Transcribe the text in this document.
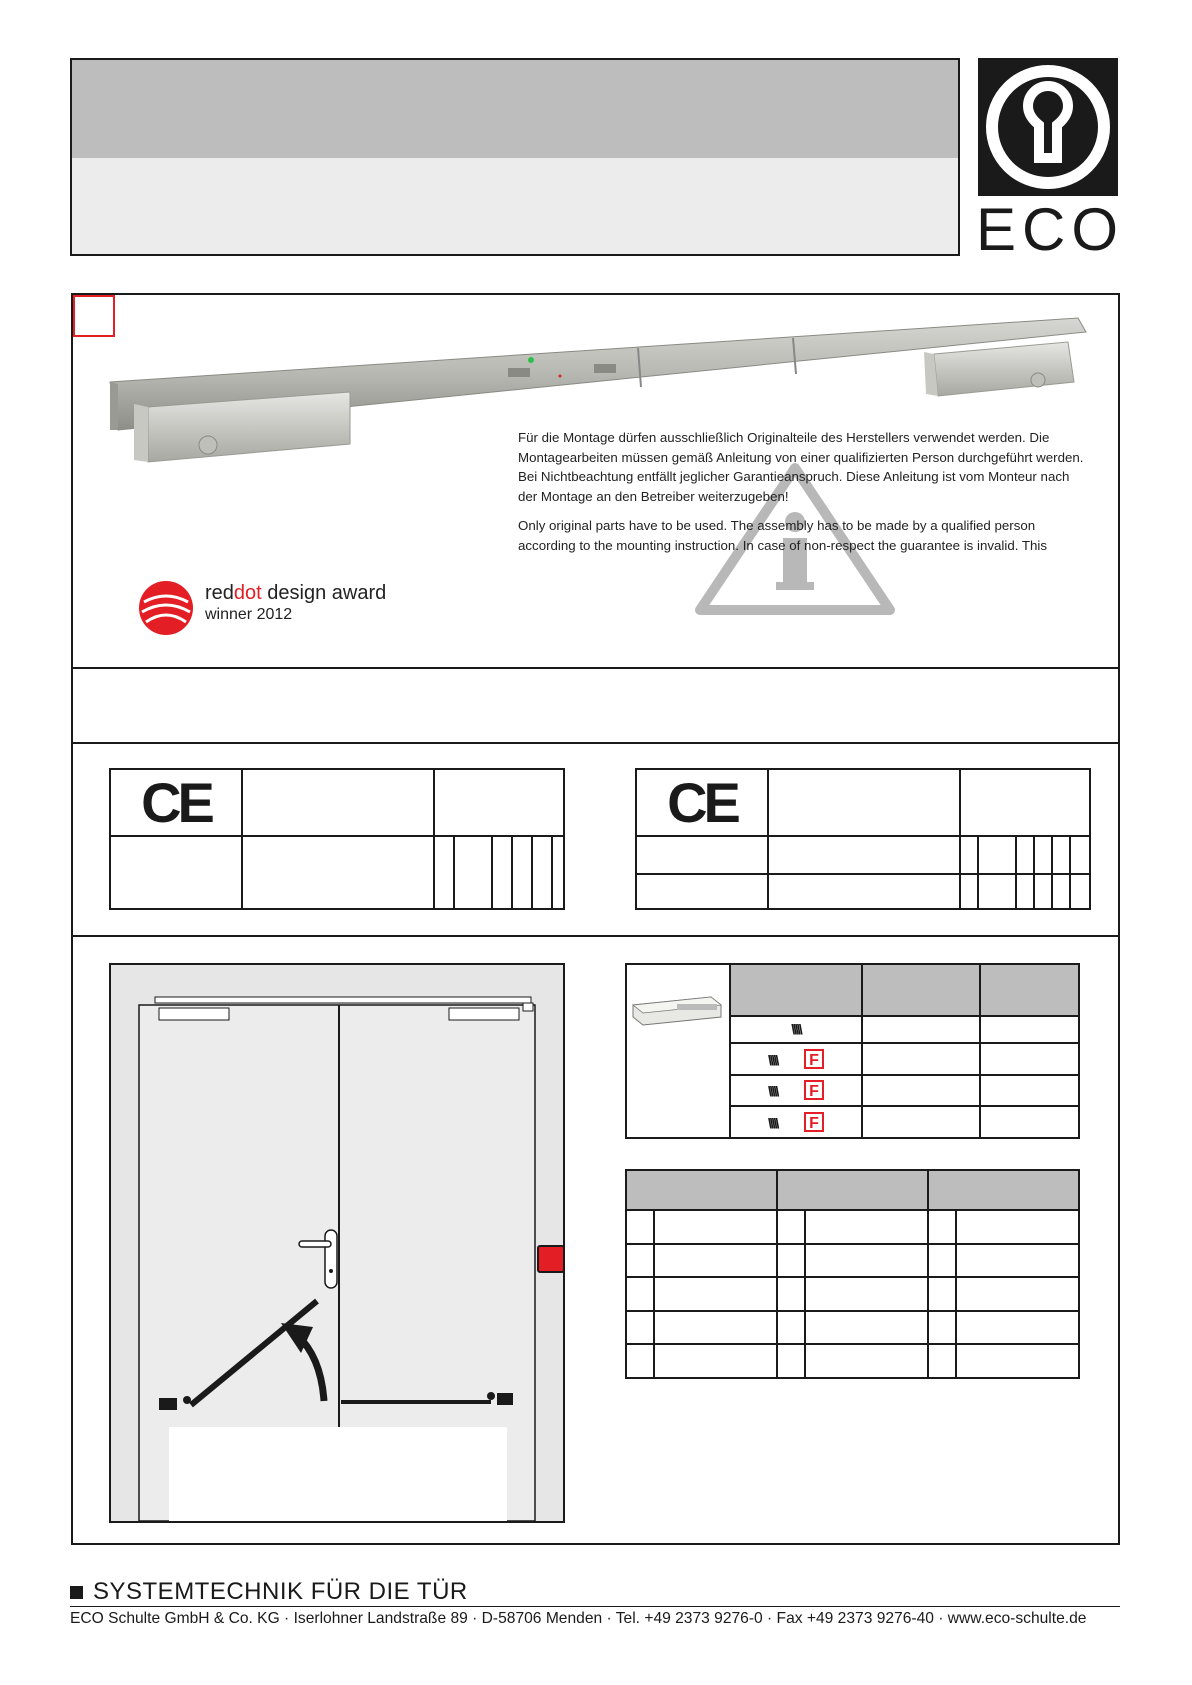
ECO

Für die Montage dürfen ausschließlich Originalteile des Herstellers verwendet werden. Die Montagearbeiten müssen gemäß Anleitung von einer qualifizierten Person durchgeführt werden. Bei Nichtbeachtung entfällt jeglicher Garantieanspruch. Diese Anleitung ist vom Monteur nach der Montage an den Betreiber weiterzugeben!

Only original parts have to be used. The assembly has to be made by a qualified person according to the mounting instruction. In case of non-respect the guarantee is invalid. This

reddot design award
winner 2012
CE							
								CE							

	\\\\\		
	\\\\\ F		
	\\\\\ F		
	\\\\\ F		

SYSTEMTECHNIK FÜR DIE TÜR
ECO Schulte GmbH & Co. KG · Iserlohner Landstraße 89 · D-58706 Menden · Tel. +49 2373 9276-0 · Fax +49 2373 9276-40 · www.eco-schulte.de
